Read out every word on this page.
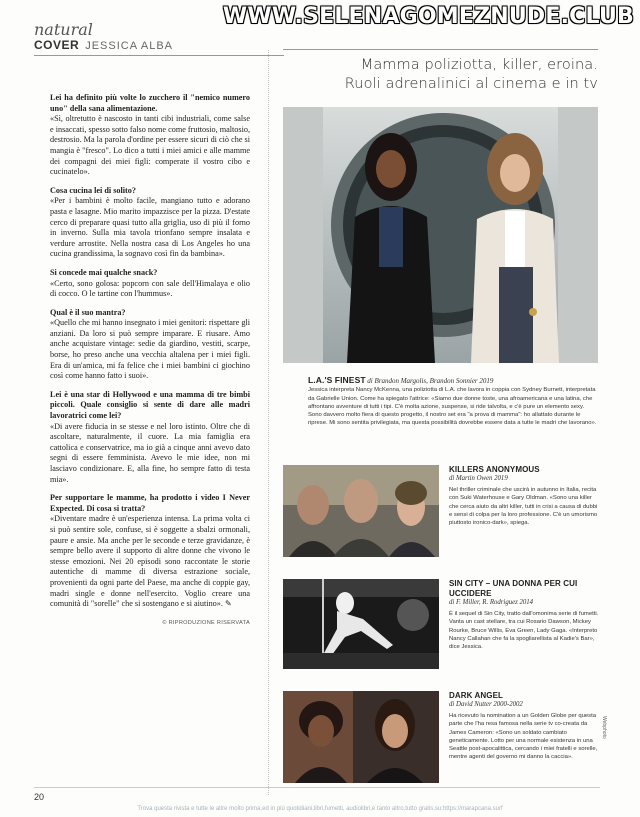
WWW.SELENAGOMEZNUDE.CLUB
natural
COVER JESSICA ALBA

Lei ha definito più volte lo zucchero il "nemico numero uno" della sana alimentazione.

«Sì, oltretutto è nascosto in tanti cibi industriali, come salse e insaccati, spesso sotto falso nome come fruttosio, maltosio, destrosio. Ma la parola d'ordine per essere sicuri di ciò che si mangia è "fresco". Lo dico a tutti i miei amici e alle mamme dei compagni dei miei figli: comperate il vostro cibo e cucinatelo».

Cosa cucina lei di solito?

«Per i bambini è molto facile, mangiano tutto e adorano pasta e lasagne. Mio marito impazzisce per la pizza. D'estate cerco di preparare quasi tutto alla griglia, uso di più il forno in inverno. Sulla mia tavola trionfano sempre insalata e verdure arrostite. Nella nostra casa di Los Angeles ho una cucina grandissima, la sognavo così fin da bambina».

Si concede mai qualche snack?

«Certo, sono golosa: popcorn con sale dell'Himalaya e olio di cocco. O le tartine con l'hummus».

Qual è il suo mantra?

«Quello che mi hanno insegnato i miei genitori: rispettare gli anziani. Da loro si può sempre imparare. E riusare. Amo anche acquistare vintage: sedie da giardino, vestiti, scarpe, borse, ho preso anche una vecchia altalena per i miei figli. Era di un'amica, mi fa felice che i miei bambini ci giochino così come hanno fatto i suoi».

Lei è una star di Hollywood e una mamma di tre bimbi piccoli. Quale consiglio si sente di dare alle madri lavoratrici come lei?

«Di avere fiducia in se stesse e nel loro istinto. Oltre che di ascoltare, naturalmente, il cuore. La mia famiglia era cattolica e conservatrice, ma io già a cinque anni avevo dato segni di essere femminista. Avevo le mie idee, non mi lasciavo condizionare. E, alla fine, ho sempre fatto di testa mia».

Per supportare le mamme, ha prodotto i video I Never Expected. Di cosa si tratta?

«Diventare madre è un'esperienza intensa. La prima volta ci si può sentire sole, confuse, si è soggette a sbalzi ormonali, paure e ansie. Ma anche per le seconde e terze gravidanze, è sempre bello avere il supporto di altre donne che vivono le stesse emozioni. Nei 20 episodi sono raccontate le storie autentiche di mamme di diversa estrazione sociale, provenienti da ogni parte del Paese, ma anche di coppie gay, madri single e donne nell'esercito. Voglio creare una comunità di "sorelle" che si sostengano e si aiutino». ✎

© RIPRODUZIONE RISERVATA

Mamma poliziotta, killer, eroina.
Ruoli adrenalinici al cinema e in tv
L.A.'S FINEST di Brandon Margolis, Brandon Sonnier 2019
Jessica interpreta Nancy McKenna, una poliziotta di L.A. che lavora in coppia con Sydney Burnett, interpretata da Gabrielle Union. Come ha spiegato l'attrice: «Siamo due donne toste, una afroamericana e una latina, che affrontano avventure di tutti i tipi. C'è molta azione, suspense, si ride talvolta, e c'è pure un elemento sexy. Sono davvero molto fiera di questo progetto, il nostro set era "a prova di mamma": ho allattato durante le riprese. Mi sono sentita privilegiata, ma questa possibilità dovrebbe essere data a tutte le madri che lavorano».
KILLERS ANONYMOUS
di Martin Owen 2019
Nel thriller criminale che uscirà in autunno in Italia, recita con Suki Waterhouse e Gary Oldman. «Sono una killer che cerca aiuto da altri killer, tutti in crisi a causa di dubbi e sensi di colpa per la loro professione. C'è un umorismo piuttosto ironico-dark», spiega.
SIN CITY – UNA DONNA PER CUI UCCIDERE
di F. Miller, R. Rodriguez 2014
È il sequel di Sin City, tratto dall'omonima serie di fumetti. Vanta un cast stellare, tra cui Rosario Dawson, Mickey Rourke, Bruce Willis, Eva Green, Lady Gaga. «Interpreto Nancy Callahan che fa la spogliarellista al Kadie's Bar», dice Jessica.
DARK ANGEL
di David Nutter 2000-2002
Ha ricevuto la nomination a un Golden Globe per questa parte che l'ha resa famosa nella serie tv co-creata da James Cameron: «Sono un soldato cambiato geneticamente. Lotto per una normale esistenza in una Seattle post-apocalittica, cercando i miei fratelli e sorelle, mentre agenti del governo mi danno la caccia».
Webphoto
20
Trova questa rivista e tutte le altre molto prima,ed in più quotidiani,libri,fumetti, audiolibri,e tanto altro,tutto gratis,su:https://marapcana.surf
